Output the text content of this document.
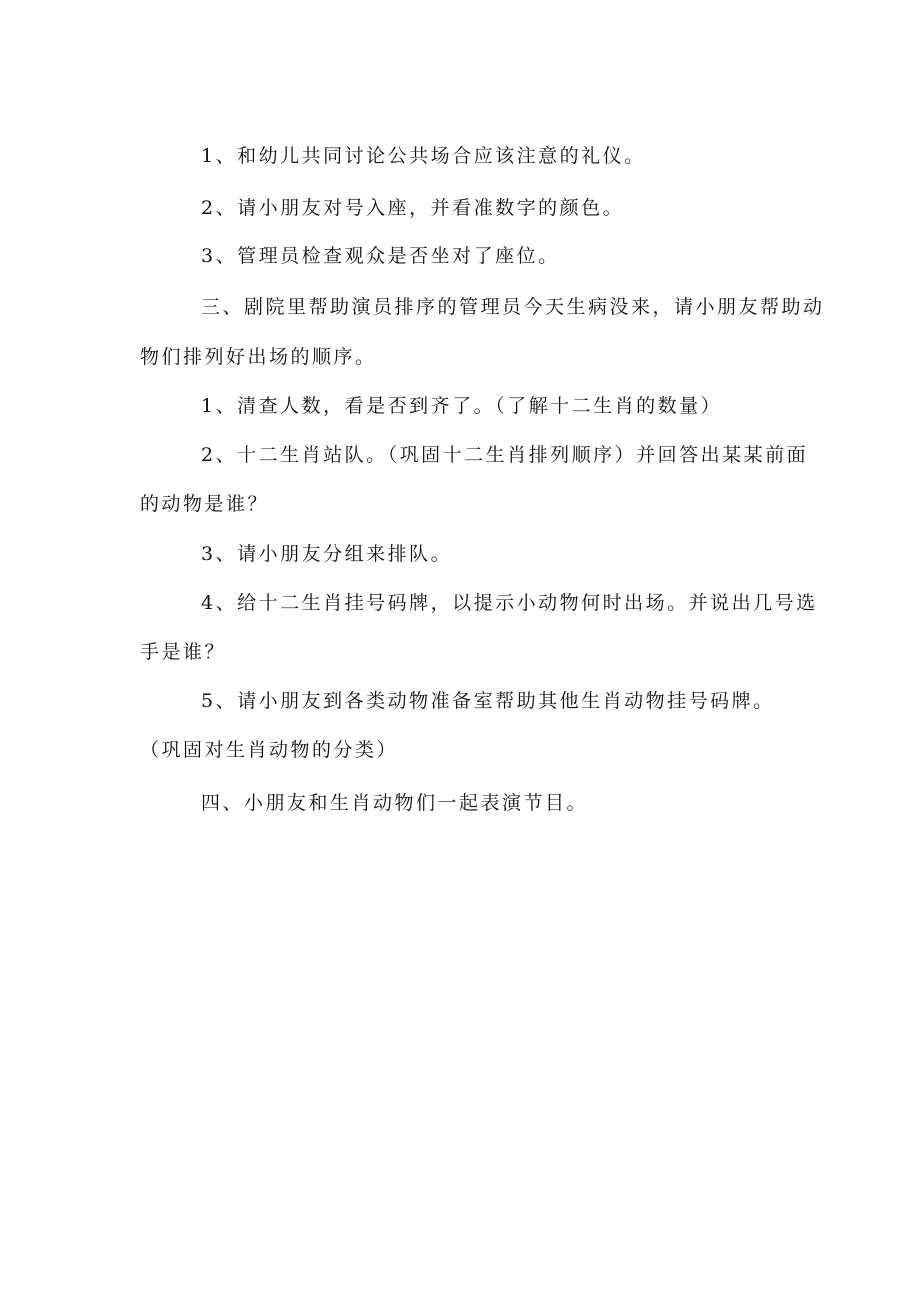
1、和幼儿共同讨论公共场合应该注意的礼仪。
2、请小朋友对号入座，并看准数字的颜色。
3、管理员检查观众是否坐对了座位。
三、剧院里帮助演员排序的管理员今天生病没来，请小朋友帮助动
物们排列好出场的顺序。
1、清查人数，看是否到齐了。（了解十二生肖的数量）
2、十二生肖站队。（巩固十二生肖排列顺序）并回答出某某前面
的动物是谁？
3、请小朋友分组来排队。
4、给十二生肖挂号码牌，以提示小动物何时出场。并说出几号选
手是谁？
5、请小朋友到各类动物准备室帮助其他生肖动物挂号码牌。
（巩固对生肖动物的分类）
四、小朋友和生肖动物们一起表演节目。
